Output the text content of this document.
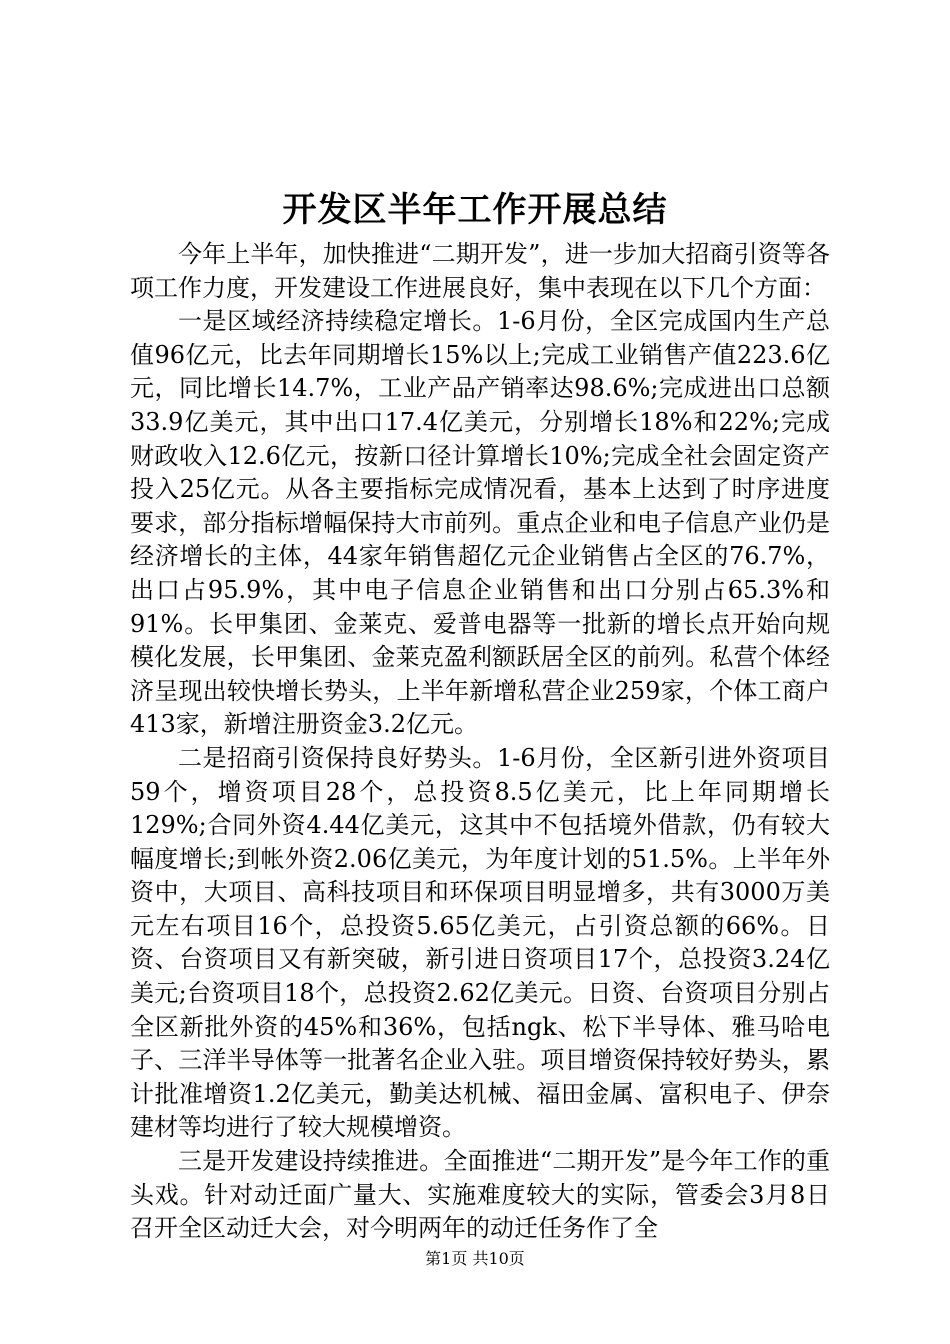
开发区半年工作开展总结

今年上半年，加快推进“二期开发”，进一步加大招商引资等各项工作力度，开发建设工作进展良好，集中表现在以下几个方面：

一是区域经济持续稳定增长。1-6月份，全区完成国内生产总值96亿元，比去年同期增长15%以上;完成工业销售产值223.6亿元，同比增长14.7%，工业产品产销率达98.6%;完成进出口总额33.9亿美元，其中出口17.4亿美元，分别增长18%和22%;完成财政收入12.6亿元，按新口径计算增长10%;完成全社会固定资产投入25亿元。从各主要指标完成情况看，基本上达到了时序进度要求，部分指标增幅保持大市前列。重点企业和电子信息产业仍是经济增长的主体，44家年销售超亿元企业销售占全区的76.7%，出口占95.9%，其中电子信息企业销售和出口分别占65.3%和91%。长甲集团、金莱克、爱普电器等一批新的增长点开始向规模化发展，长甲集团、金莱克盈利额跃居全区的前列。私营个体经济呈现出较快增长势头，上半年新增私营企业259家，个体工商户413家，新增注册资金3.2亿元。

二是招商引资保持良好势头。1-6月份，全区新引进外资项目59个，增资项目28个，总投资8.5亿美元，比上年同期增长129%;合同外资4.44亿美元，这其中不包括境外借款，仍有较大幅度增长;到帐外资2.06亿美元，为年度计划的51.5%。上半年外资中，大项目、高科技项目和环保项目明显增多，共有3000万美元左右项目16个，总投资5.65亿美元，占引资总额的66%。日资、台资项目又有新突破，新引进日资项目17个，总投资3.24亿美元;台资项目18个，总投资2.62亿美元。日资、台资项目分别占全区新批外资的45%和36%，包括ngk、松下半导体、雅马哈电子、三洋半导体等一批著名企业入驻。项目增资保持较好势头，累计批准增资1.2亿美元，勤美达机械、福田金属、富积电子、伊奈建材等均进行了较大规模增资。

三是开发建设持续推进。全面推进“二期开发”是今年工作的重头戏。针对动迁面广量大、实施难度较大的实际，管委会3月8日召开全区动迁大会，对今明两年的动迁任务作了全

第1页 共10页
